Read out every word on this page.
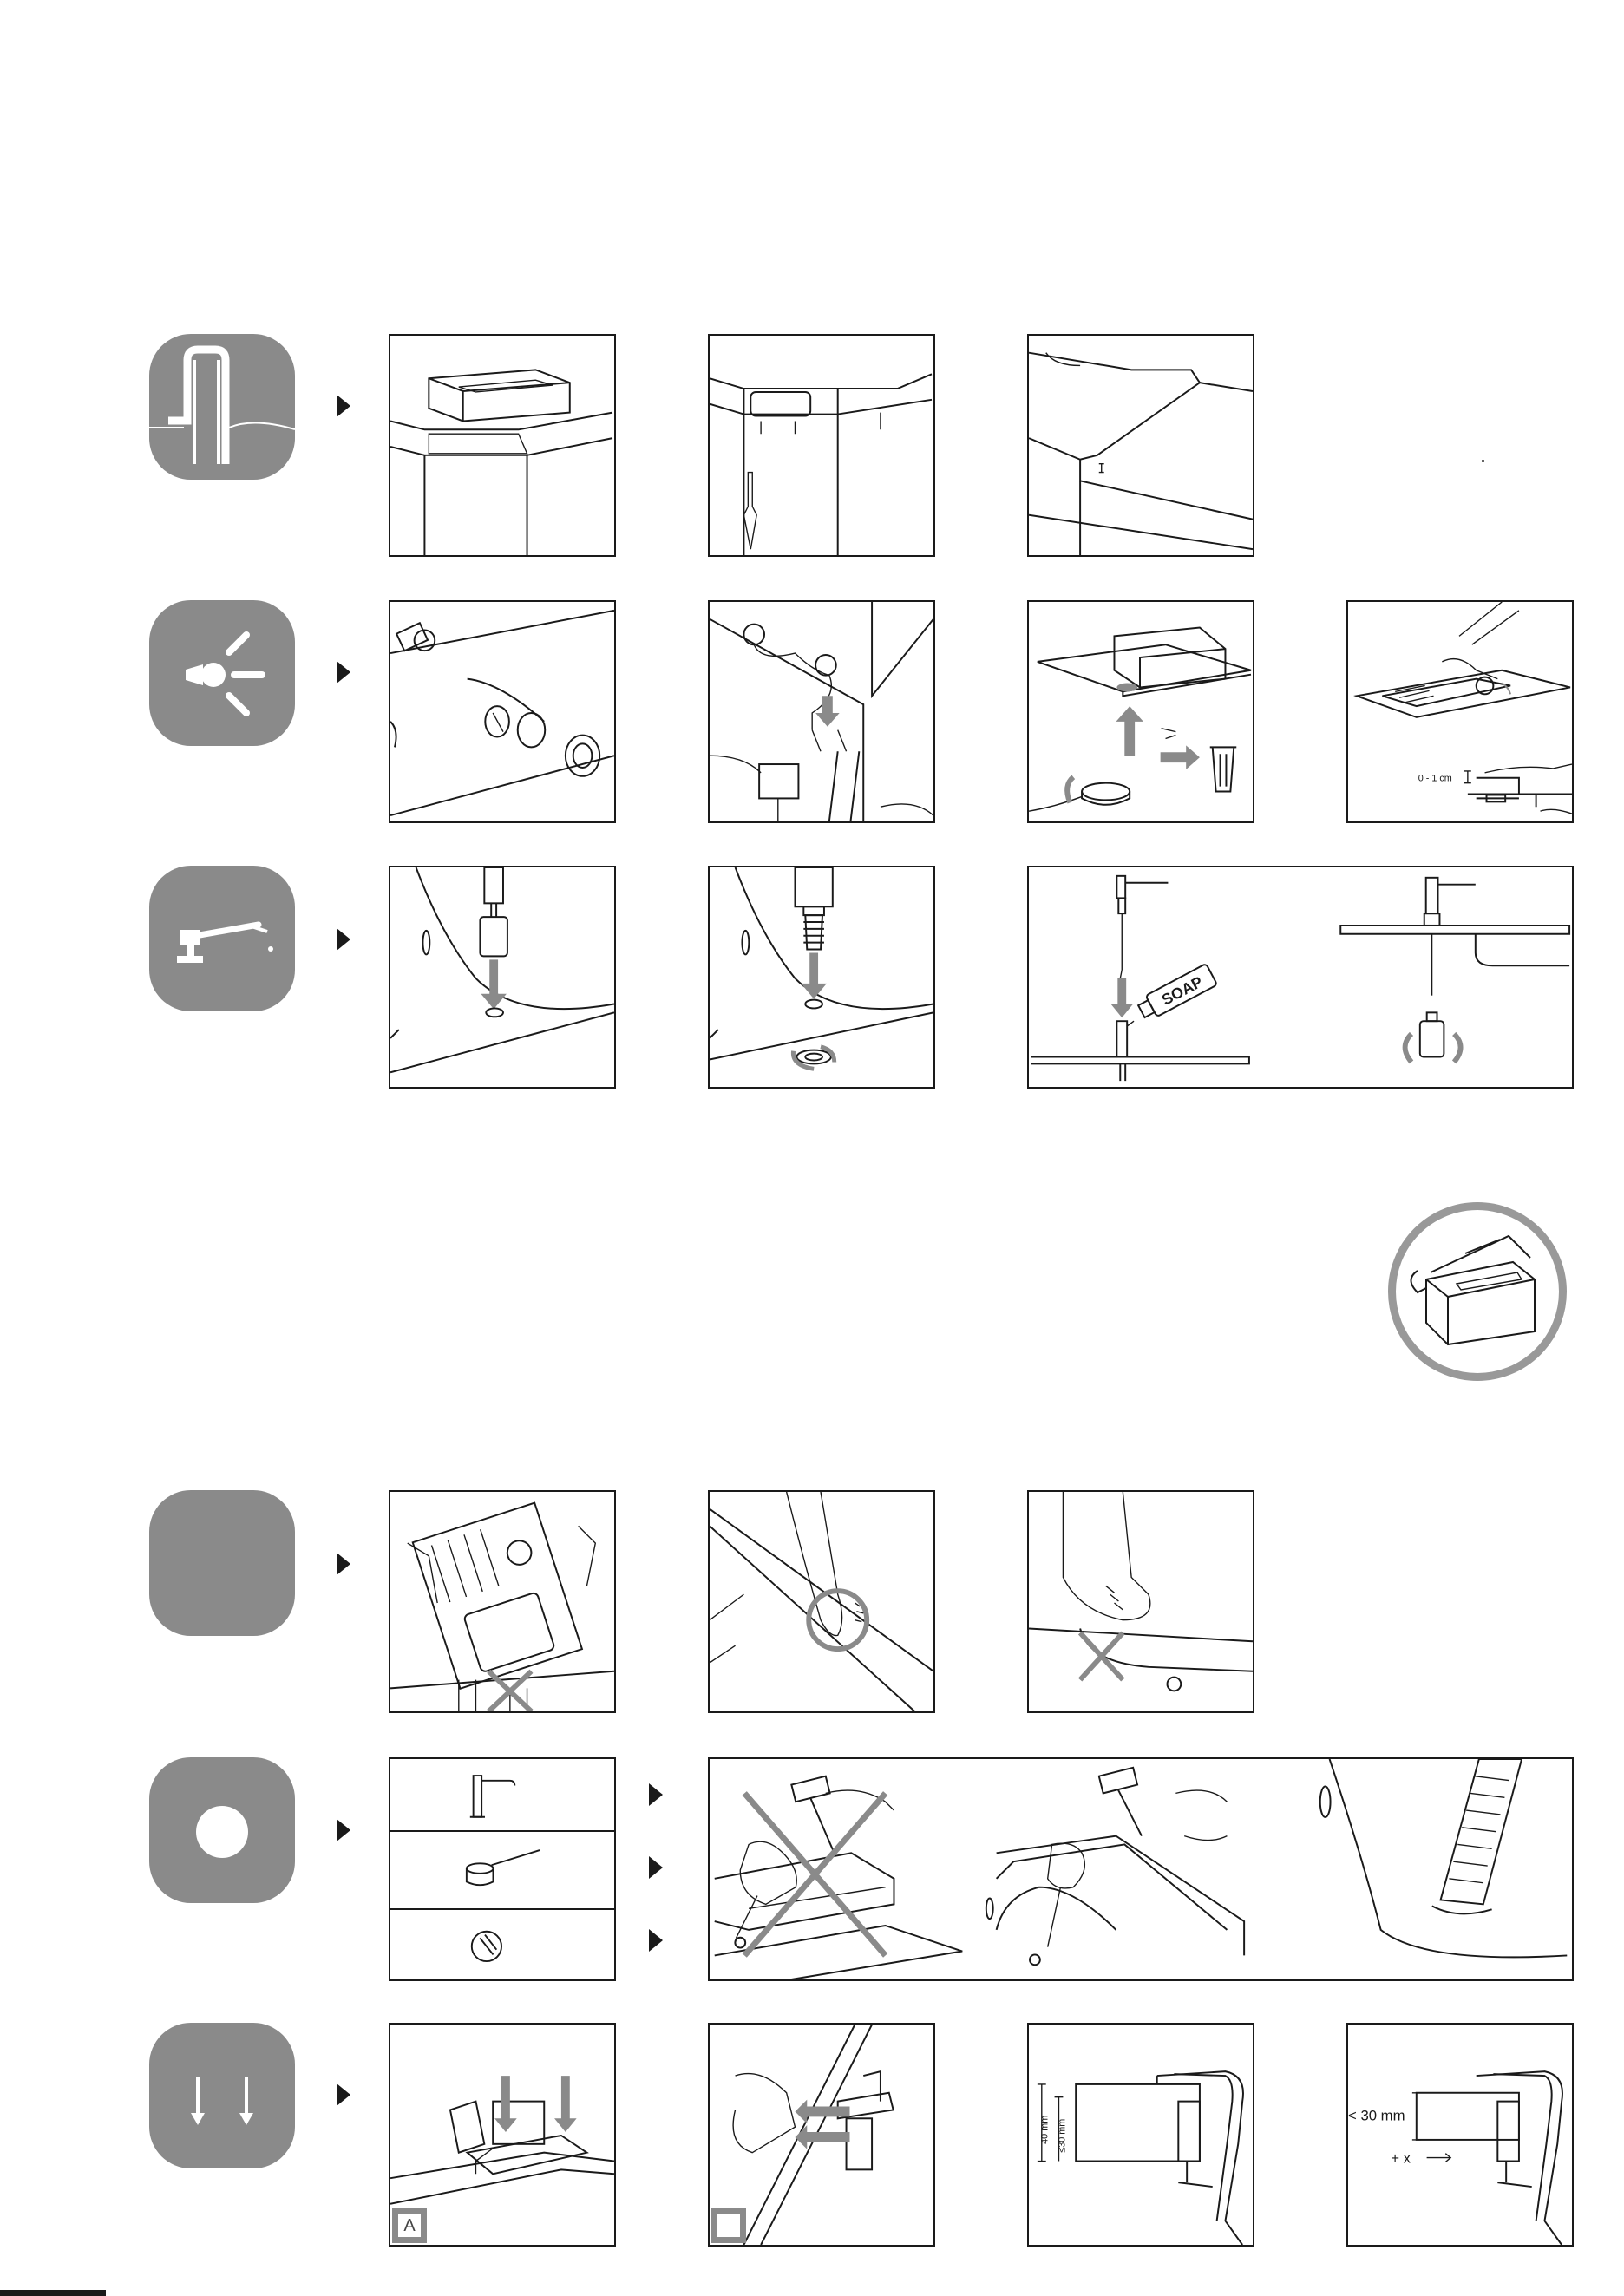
0 - 1 cm
SOAP
A
40 mm ≤30 mm
< 30 mm
+ x
